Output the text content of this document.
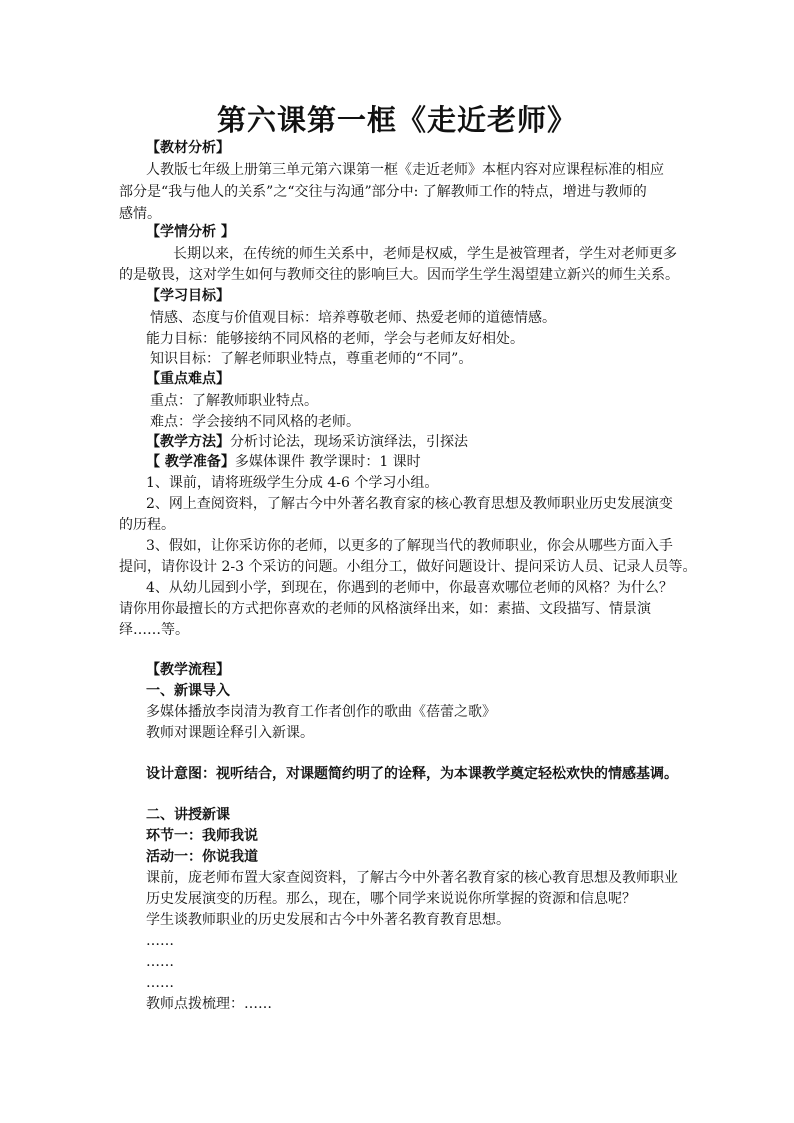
第六课第一框《走近老师》

【教材分析】

人教版七年级上册第三单元第六课第一框《走近老师》本框内容对应课程标准的相应

部分是“我与他人的关系”之“交往与沟通”部分中: 了解教师工作的特点，增进与教师的

感情。

【学情分析 】

长期以来，在传统的师生关系中，老师是权威，学生是被管理者，学生对老师更多

的是敬畏，这对学生如何与教师交往的影响巨大。因而学生学生渴望建立新兴的师生关系。

【学习目标】

情感、态度与价值观目标：培养尊敬老师、热爱老师的道德情感。

能力目标：能够接纳不同风格的老师，学会与老师友好相处。

知识目标：了解老师职业特点，尊重老师的“不同”。

【重点难点】

重点：了解教师职业特点。

难点：学会接纳不同风格的老师。

【教学方法】分析讨论法，现场采访演绎法，引探法

【 教学准备】多媒体课件 教学课时：1 课时

1、课前，请将班级学生分成 4-6 个学习小组。

2、网上查阅资料，了解古今中外著名教育家的核心教育思想及教师职业历史发展演变

的历程。

3、假如，让你采访你的老师，以更多的了解现当代的教师职业，你会从哪些方面入手

提问，请你设计 2-3 个采访的问题。小组分工，做好问题设计、提问采访人员、记录人员等。

4、从幼儿园到小学，到现在，你遇到的老师中，你最喜欢哪位老师的风格？为什么？

请你用你最擅长的方式把你喜欢的老师的风格演绎出来，如：素描、文段描写、情景演

绎……等。

【教学流程】

一、新课导入

多媒体播放李岗清为教育工作者创作的歌曲《蓓蕾之歌》

教师对课题诠释引入新课。

设计意图：视听结合，对课题简约明了的诠释，为本课教学奠定轻松欢快的情感基调。

二、讲授新课

环节一：我师我说

活动一：你说我道

课前，庞老师布置大家查阅资料，了解古今中外著名教育家的核心教育思想及教师职业

历史发展演变的历程。那么，现在，哪个同学来说说你所掌握的资源和信息呢？

学生谈教师职业的历史发展和古今中外著名教育教育思想。

……

……

……

教师点拨梳理：……
